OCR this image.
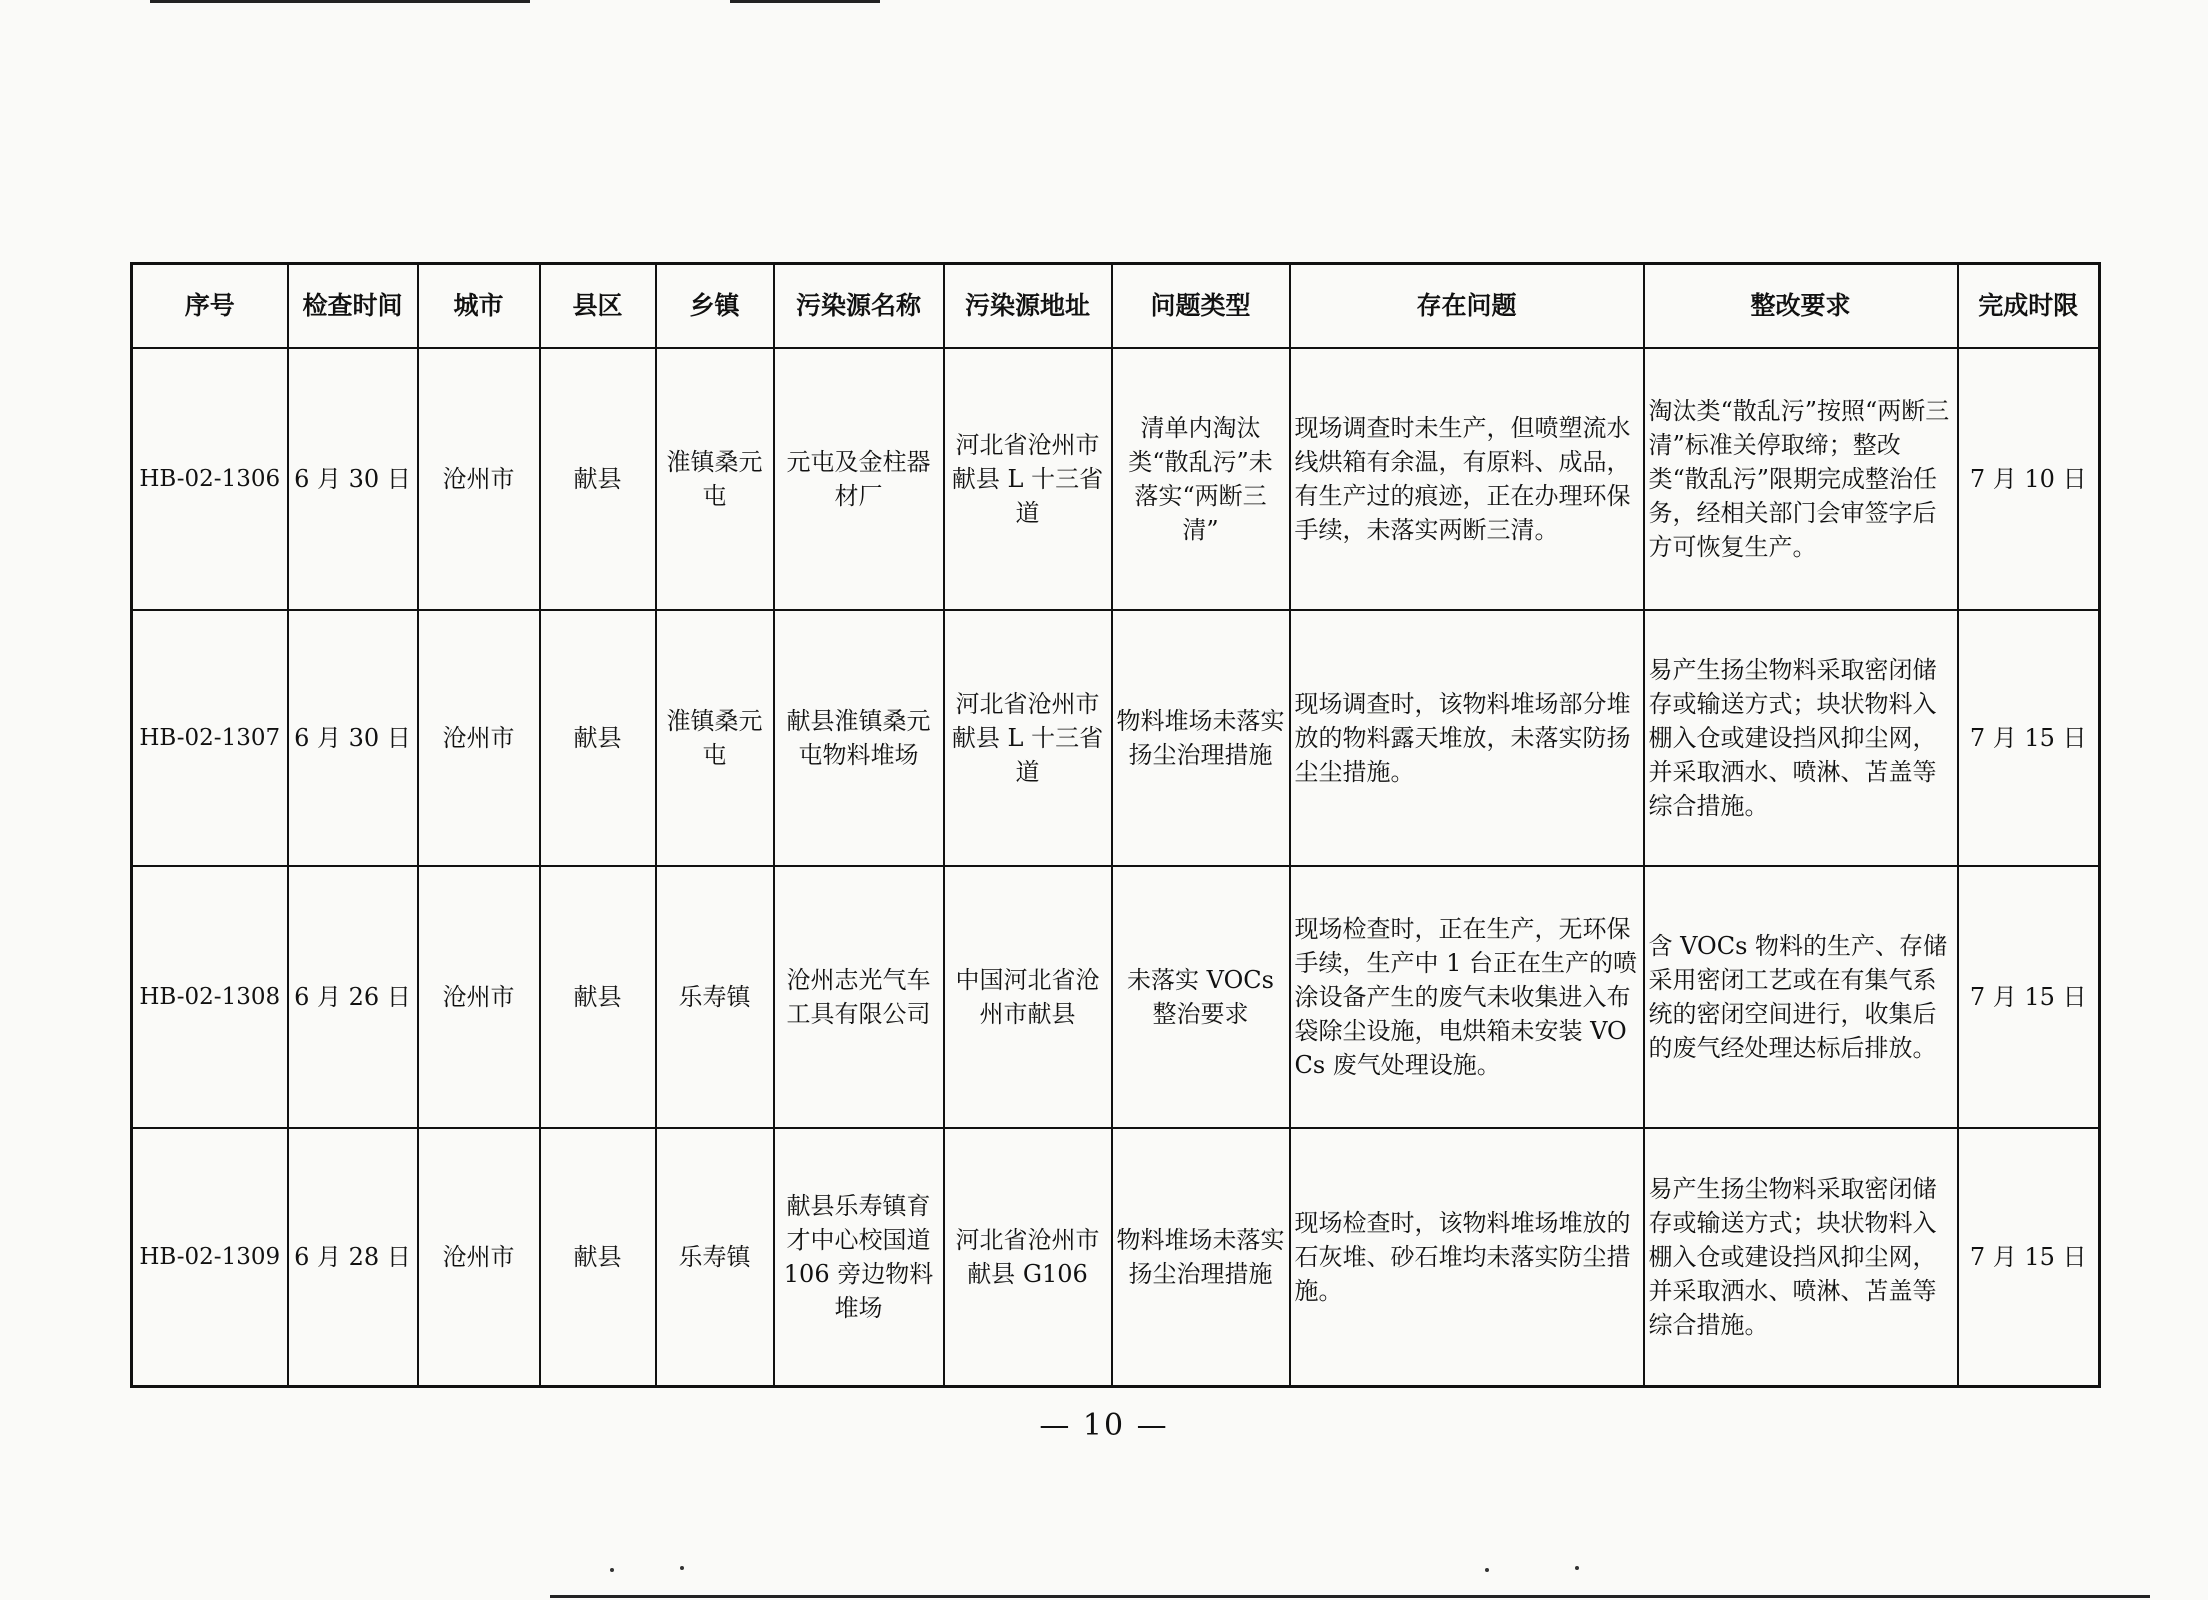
序号	检查时间	城市	县区	乡镇	污染源名称	污染源地址	问题类型	存在问题	整改要求	完成时限
HB-02-1306	6 月 30 日	沧州市	献县	淮镇桑元屯	元屯及金柱器材厂	河北省沧州市献县 L 十三省道	清单内淘汰类“散乱污”未落实“两断三清”	现场调查时未生产，但喷塑流水线烘箱有余温，有原料、成品，有生产过的痕迹，正在办理环保手续，未落实两断三清。	淘汰类“散乱污”按照“两断三清”标准关停取缔；整改类“散乱污”限期完成整治任务，经相关部门会审签字后方可恢复生产。	7 月 10 日
HB-02-1307	6 月 30 日	沧州市	献县	淮镇桑元屯	献县淮镇桑元屯物料堆场	河北省沧州市献县 L 十三省道	物料堆场未落实扬尘治理措施	现场调查时，该物料堆场部分堆放的物料露天堆放，未落实防扬尘尘措施。	易产生扬尘物料采取密闭储存或输送方式；块状物料入棚入仓或建设挡风抑尘网，并采取洒水、喷淋、苫盖等综合措施。	7 月 15 日
HB-02-1308	6 月 26 日	沧州市	献县	乐寿镇	沧州志光气车工具有限公司	中国河北省沧州市献县	未落实 VOCs 整治要求	现场检查时，正在生产，无环保手续，生产中 1 台正在生产的喷涂设备产生的废气未收集进入布袋除尘设施，电烘箱未安装 VOCs 废气处理设施。	含 VOCs 物料的生产、存储采用密闭工艺或在有集气系统的密闭空间进行，收集后的废气经处理达标后排放。	7 月 15 日
HB-02-1309	6 月 28 日	沧州市	献县	乐寿镇	献县乐寿镇育才中心校国道 106 旁边物料堆场	河北省沧州市献县 G106	物料堆场未落实扬尘治理措施	现场检查时，该物料堆场堆放的石灰堆、砂石堆均未落实防尘措施。	易产生扬尘物料采取密闭储存或输送方式；块状物料入棚入仓或建设挡风抑尘网，并采取洒水、喷淋、苫盖等综合措施。	7 月 15 日
— 10 —
